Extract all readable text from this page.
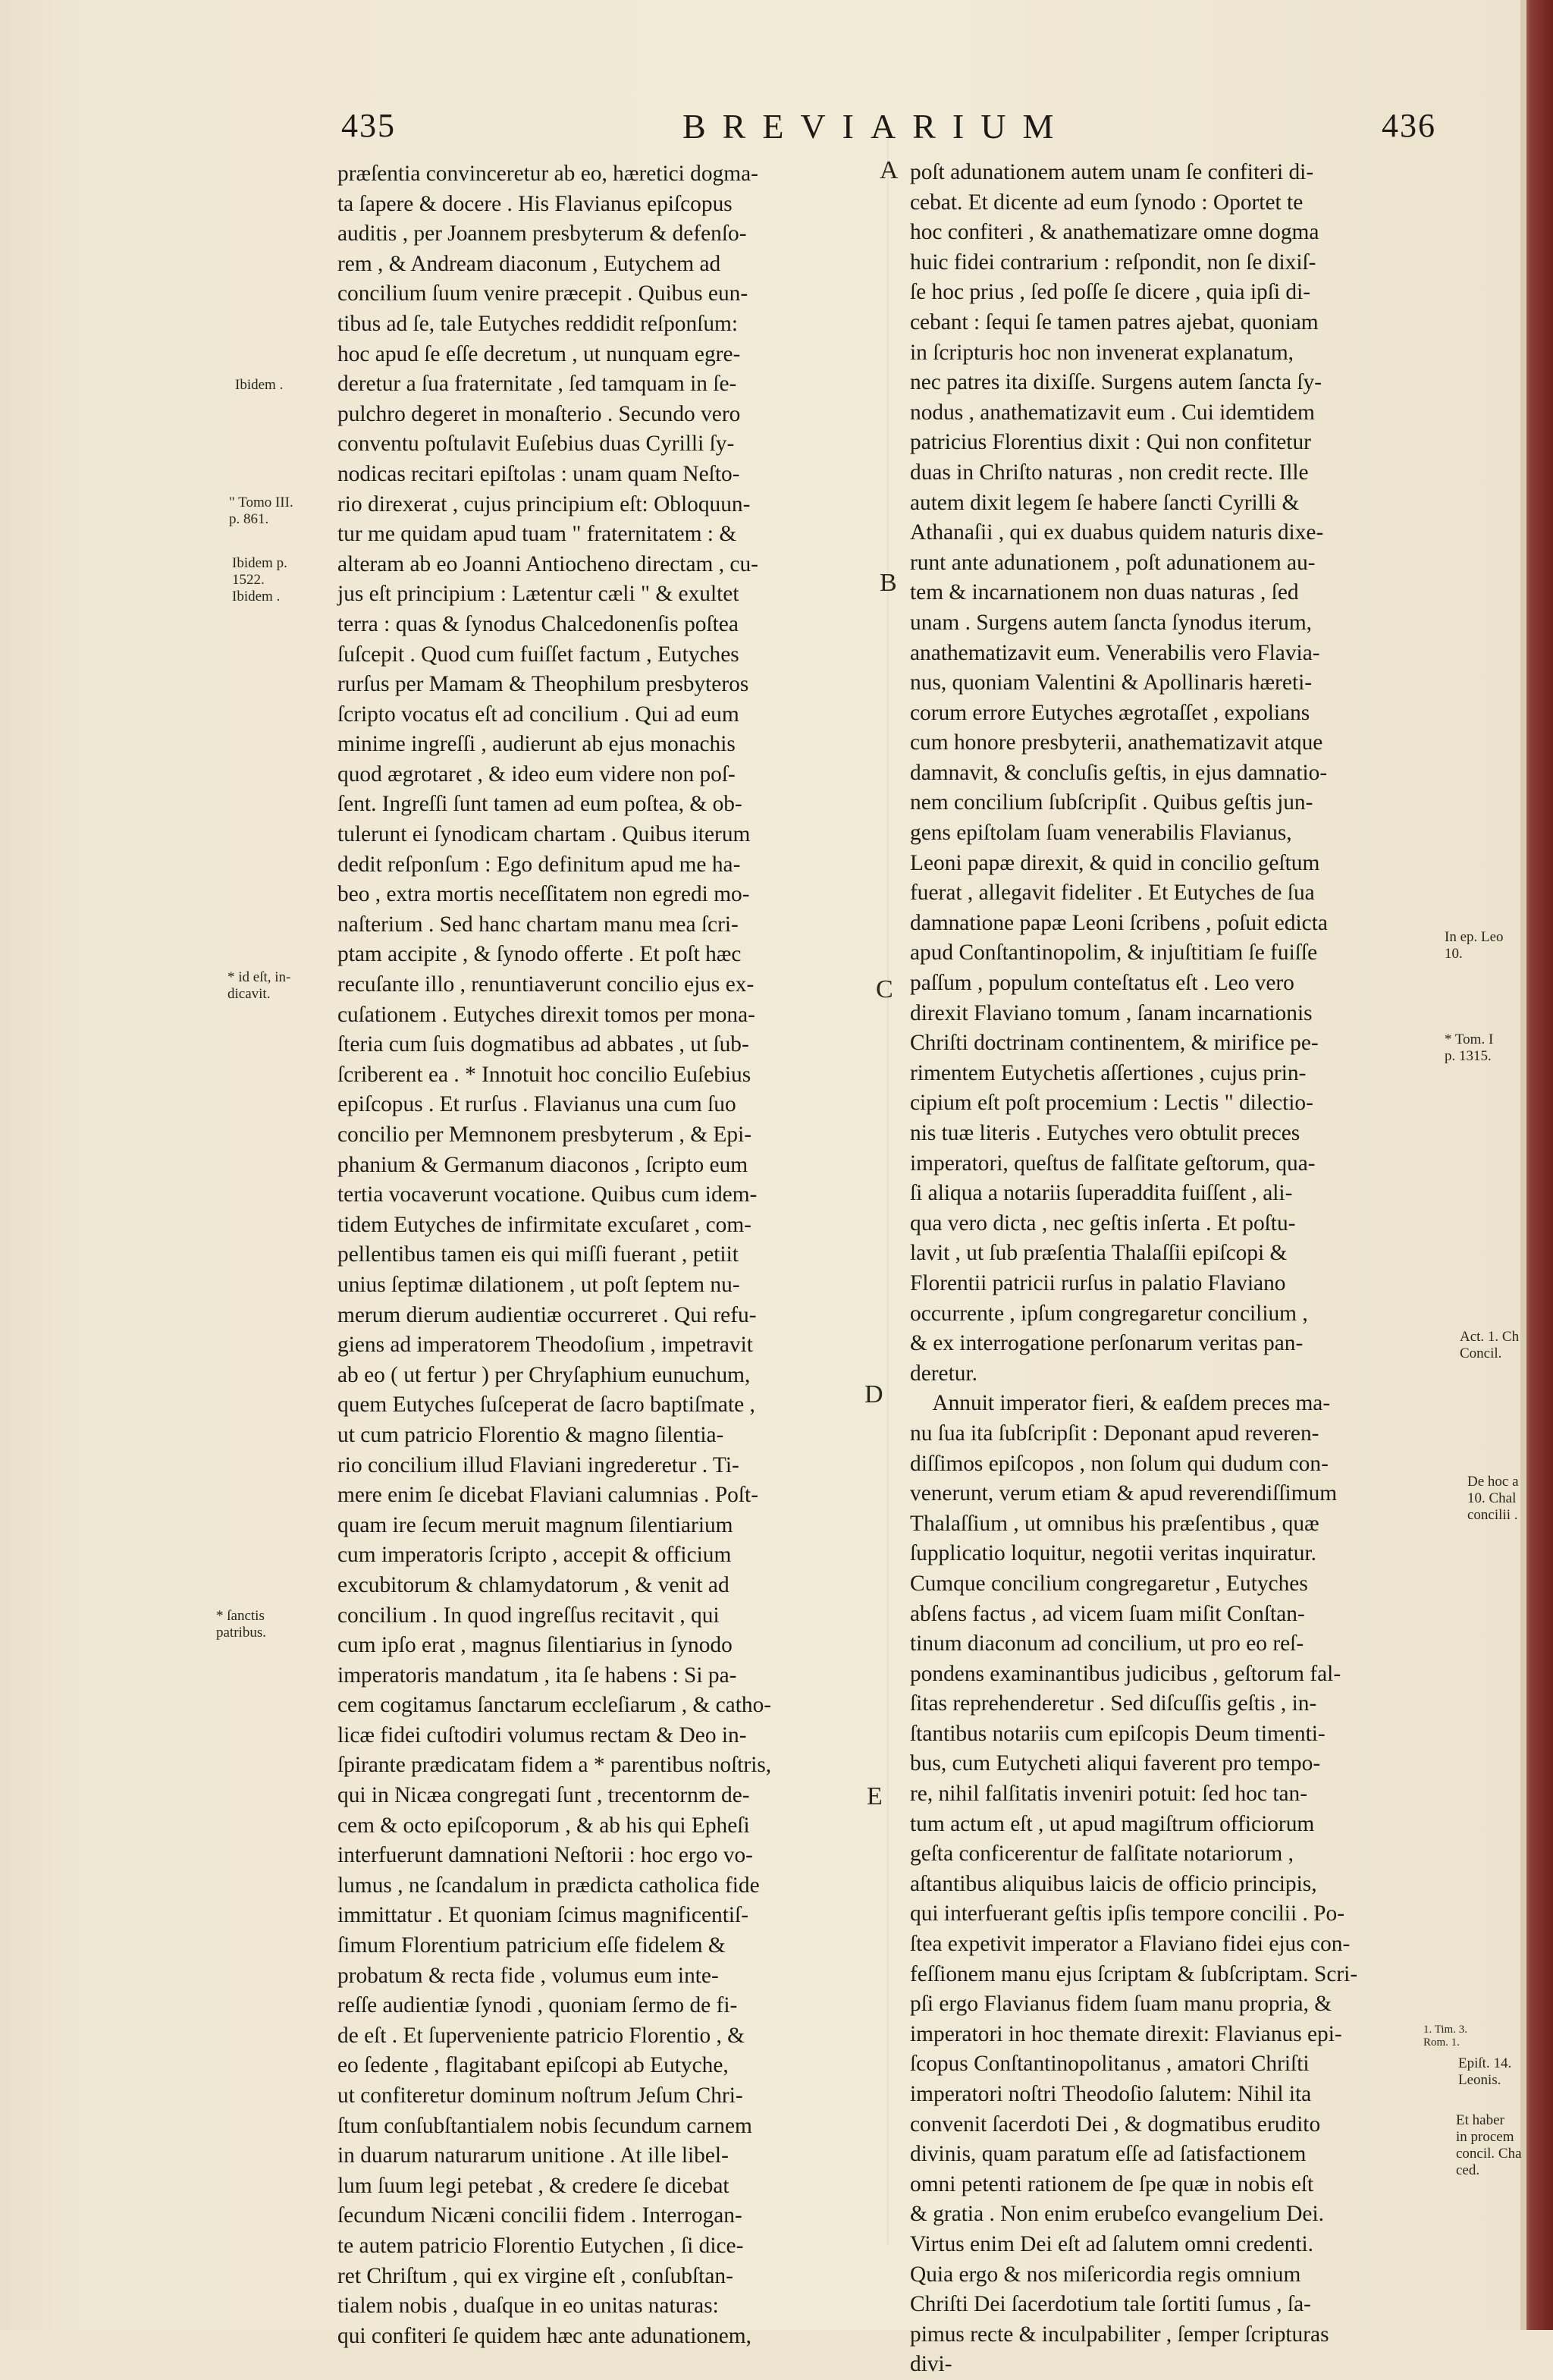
435	BREVIARIUM	436
præſentia convinceretur ab eo, hæretici dogma-
ta ſapere & docere . His Flavianus epiſcopus
auditis , per Joannem presbyterum & defenſo-
rem , & Andream diaconum , Eutychem ad
concilium ſuum venire præcepit . Quibus eun-
tibus ad ſe, tale Eutyches reddidit reſponſum:
hoc apud ſe eſſe decretum , ut nunquam egre-
deretur a ſua fraternitate , ſed tamquam in ſe-
pulchro degeret in monaſterio . Secundo vero
conventu poſtulavit Euſebius duas Cyrilli ſy-
nodicas recitari epiſtolas : unam quam Neſto-
rio direxerat , cujus principium eſt: Obloquun-
tur me quidam apud tuam " fraternitatem : &
alteram ab eo Joanni Antiocheno directam , cu-
jus eſt principium : Lætentur cæli " & exultet
terra : quas & ſynodus Chalcedonenſis poſtea
ſuſcepit . Quod cum fuiſſet factum , Eutyches
rurſus per Mamam & Theophilum presbyteros
ſcripto vocatus eſt ad concilium . Qui ad eum
minime ingreſſi , audierunt ab ejus monachis
quod ægrotaret , & ideo eum videre non poſ-
ſent. Ingreſſi ſunt tamen ad eum poſtea, & ob-
tulerunt ei ſynodicam chartam . Quibus iterum
dedit reſponſum : Ego definitum apud me ha-
beo , extra mortis neceſſitatem non egredi mo-
naſterium . Sed hanc chartam manu mea ſcri-
ptam accipite , & ſynodo offerte . Et poſt hæc
recuſante illo , renuntiaverunt concilio ejus ex-
cuſationem . Eutyches direxit tomos per mona-
ſteria cum ſuis dogmatibus ad abbates , ut ſub-
ſcriberent ea . * Innotuit hoc concilio Euſebius
epiſcopus . Et rurſus . Flavianus una cum ſuo
concilio per Memnonem presbyterum , & Epi-
phanium & Germanum diaconos , ſcripto eum
tertia vocaverunt vocatione. Quibus cum idem-
tidem Eutyches de infirmitate excuſaret , com-
pellentibus tamen eis qui miſſi fuerant , petiit
unius ſeptimæ dilationem , ut poſt ſeptem nu-
merum dierum audientiæ occurreret . Qui refu-
giens ad imperatorem Theodoſium , impetravit
ab eo ( ut fertur ) per Chryſaphium eunuchum,
quem Eutyches ſuſceperat de ſacro baptiſmate ,
ut cum patricio Florentio & magno ſilentia-
rio concilium illud Flaviani ingrederetur . Ti-
mere enim ſe dicebat Flaviani calumnias . Poſt-
quam ire ſecum meruit magnum ſilentiarium
cum imperatoris ſcripto , accepit & officium
excubitorum & chlamydatorum , & venit ad
concilium . In quod ingreſſus recitavit , qui
cum ipſo erat , magnus ſilentiarius in ſynodo
imperatoris mandatum , ita ſe habens : Si pa-
cem cogitamus ſanctarum eccleſiarum , & catho-
licæ fidei cuſtodiri volumus rectam & Deo in-
ſpirante prædicatam fidem a * parentibus noſtris,
qui in Nicæa congregati ſunt , trecentornm de-
cem & octo epiſcoporum , & ab his qui Epheſi
interfuerunt damnationi Neſtorii : hoc ergo vo-
lumus , ne ſcandalum in prædicta catholica fide
immittatur . Et quoniam ſcimus magnificentiſ-
ſimum Florentium patricium eſſe fidelem &
probatum & recta fide , volumus eum inte-
reſſe audientiæ ſynodi , quoniam ſermo de fi-
de eſt . Et ſuperveniente patricio Florentio , &
eo ſedente , flagitabant epiſcopi ab Eutyche,
ut confiteretur dominum noſtrum Jeſum Chri-
ſtum conſubſtantialem nobis ſecundum carnem
in duarum naturarum unitione . At ille libel-
lum ſuum legi petebat , & credere ſe dicebat
ſecundum Nicæni concilii fidem . Interrogan-
te autem patricio Florentio Eutychen , ſi dice-
ret Chriſtum , qui ex virgine eſt , conſubſtan-
tialem nobis , duaſque in eo unitas naturas:
qui confiteri ſe quidem hæc ante adunationem,
poſt adunationem autem unam ſe confiteri di-
cebat. Et dicente ad eum ſynodo : Oportet te
hoc confiteri , & anathematizare omne dogma
huic fidei contrarium : reſpondit, non ſe dixiſ-
ſe hoc prius , ſed poſſe ſe dicere , quia ipſi di-
cebant : ſequi ſe tamen patres ajebat, quoniam
in ſcripturis hoc non invenerat explanatum,
nec patres ita dixiſſe. Surgens autem ſancta ſy-
nodus , anathematizavit eum . Cui idemtidem
patricius Florentius dixit : Qui non confitetur
duas in Chriſto naturas , non credit recte. Ille
autem dixit legem ſe habere ſancti Cyrilli &
Athanaſii , qui ex duabus quidem naturis dixe-
runt ante adunationem , poſt adunationem au-
tem & incarnationem non duas naturas , ſed
unam . Surgens autem ſancta ſynodus iterum,
anathematizavit eum. Venerabilis vero Flavia-
nus, quoniam Valentini & Apollinaris hæreti-
corum errore Eutyches ægrotaſſet , expolians
cum honore presbyterii, anathematizavit atque
damnavit, & concluſis geſtis, in ejus damnatio-
nem concilium ſubſcripſit . Quibus geſtis jun-
gens epiſtolam ſuam venerabilis Flavianus,
Leoni papæ direxit, & quid in concilio geſtum
fuerat , allegavit fideliter . Et Eutyches de ſua
damnatione papæ Leoni ſcribens , poſuit edicta
apud Conſtantinopolim, & injuſtitiam ſe fuiſſe
paſſum , populum conteſtatus eſt . Leo vero
direxit Flaviano tomum , ſanam incarnationis
Chriſti doctrinam continentem, & mirifice pe-
rimentem Eutychetis aſſertiones , cujus prin-
cipium eſt poſt procemium : Lectis " dilectio-
nis tuæ literis . Eutyches vero obtulit preces
imperatori, queſtus de falſitate geſtorum, qua-
ſi aliqua a notariis ſuperaddita fuiſſent , ali-
qua vero dicta , nec geſtis inſerta . Et poſtu-
lavit , ut ſub præſentia Thalaſſii epiſcopi &
Florentii patricii rurſus in palatio Flaviano
occurrente , ipſum congregaretur concilium ,
& ex interrogatione perſonarum veritas pan-
deretur.
Annuit imperator fieri, & eaſdem preces ma-
nu ſua ita ſubſcripſit : Deponant apud reveren-
diſſimos epiſcopos , non ſolum qui dudum con-
venerunt, verum etiam & apud reverendiſſimum
Thalaſſium , ut omnibus his præſentibus , quæ
ſupplicatio loquitur, negotii veritas inquiratur.
Cumque concilium congregaretur , Eutyches
abſens factus , ad vicem ſuam miſit Conſtan-
tinum diaconum ad concilium, ut pro eo reſ-
pondens examinantibus judicibus , geſtorum fal-
ſitas reprehenderetur . Sed diſcuſſis geſtis , in-
ſtantibus notariis cum epiſcopis Deum timenti-
bus, cum Eutycheti aliqui faverent pro tempo-
re, nihil falſitatis inveniri potuit: ſed hoc tan-
tum actum eſt , ut apud magiſtrum officiorum
geſta conficerentur de falſitate notariorum ,
aſtantibus aliquibus laicis de officio principis,
qui interfuerant geſtis ipſis tempore concilii . Po-
ſtea expetivit imperator a Flaviano fidei ejus con-
feſſionem manu ejus ſcriptam & ſubſcriptam. Scri-
pſi ergo Flavianus fidem ſuam manu propria, &
imperatori in hoc themate direxit: Flavianus epi-
ſcopus Conſtantinopolitanus , amatori Chriſti
imperatori noſtri Theodoſio ſalutem: Nihil ita
convenit ſacerdoti Dei , & dogmatibus erudito
divinis, quam paratum eſſe ad ſatisfactionem
omni petenti rationem de ſpe quæ in nobis eſt
& gratia . Non enim erubeſco evangelium Dei.
Virtus enim Dei eſt ad ſalutem omni credenti.
Quia ergo & nos miſericordia regis omnium
Chriſti Dei ſacerdotium tale ſortiti ſumus , ſa-
pimus recte & inculpabiliter , ſemper ſcripturas
divi-
Ibidem .
" Tomo III.
p. 861.
Ibidem p.
1522.
Ibidem .
* id eſt, in-
dicavit.
* ſanctis
patribus.
A
B
C
D
E
In ep. Leo
10.
* Tom. I
p. 1315.
Act. 1. Ch
Concil.
De hoc a
10. Chal
concilii .
1. Tim. 3.
Rom. 1.
Epiſt. 14.
Leonis.
Et haber
in procem
concil. Cha
ced.
